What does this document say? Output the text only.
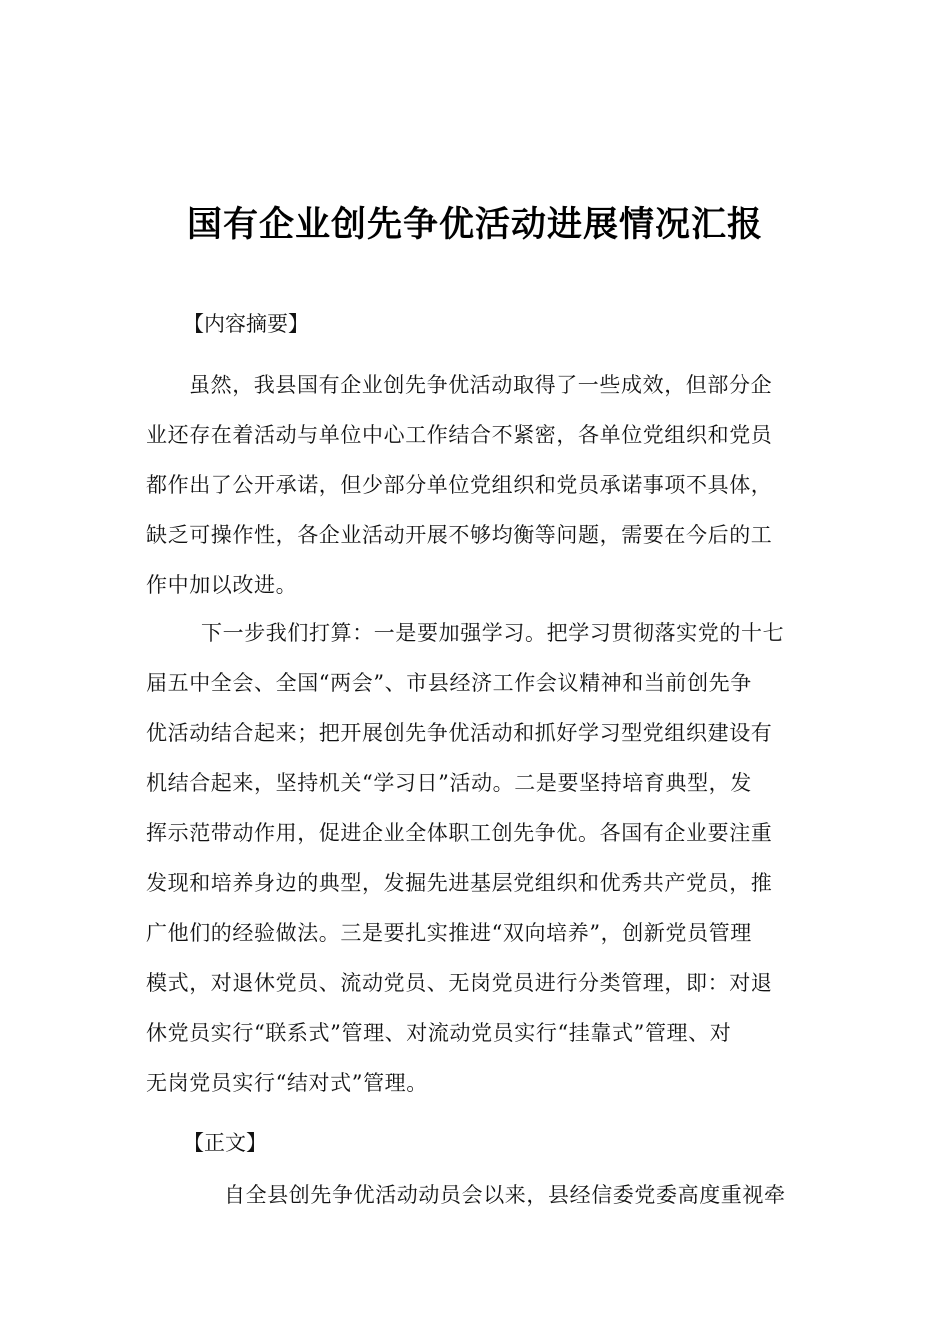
国有企业创先争优活动进展情况汇报
【内容摘要】
虽然，我县国有企业创先争优活动取得了一些成效，但部分企
业还存在着活动与单位中心工作结合不紧密，各单位党组织和党员
都作出了公开承诺，但少部分单位党组织和党员承诺事项不具体，
缺乏可操作性，各企业活动开展不够均衡等问题，需要在今后的工
作中加以改进。
下一步我们打算：一是要加强学习。把学习贯彻落实党的十七
届五中全会、全国“两会”、市县经济工作会议精神和当前创先争
优活动结合起来；把开展创先争优活动和抓好学习型党组织建设有
机结合起来，坚持机关“学习日”活动。二是要坚持培育典型，发
挥示范带动作用，促进企业全体职工创先争优。各国有企业要注重
发现和培养身边的典型，发掘先进基层党组织和优秀共产党员，推
广他们的经验做法。三是要扎实推进“双向培养”，创新党员管理
模式，对退休党员、流动党员、无岗党员进行分类管理，即：对退
休党员实行“联系式”管理、对流动党员实行“挂靠式”管理、对
无岗党员实行“结对式”管理。
【正文】
自全县创先争优活动动员会以来，县经信委党委高度重视牵
